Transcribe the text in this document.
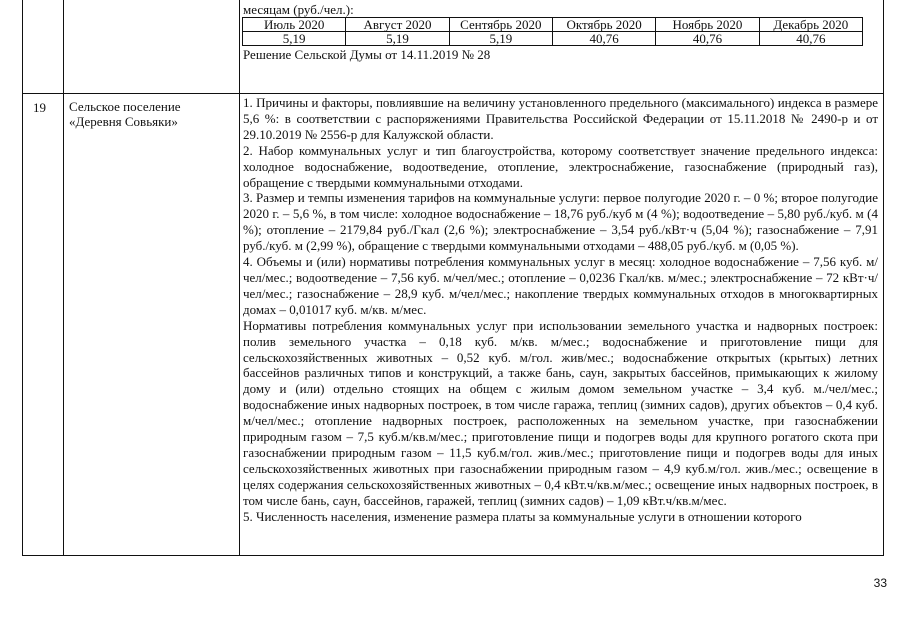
месяцам (руб./чел.):
Июль 2020	Август 2020	Сентябрь 2020	Октябрь 2020	Ноябрь 2020	Декабрь 2020
5,19	5,19	5,19	40,76	40,76	40,76
Решение Сельской Думы от 14.11.2019 № 28

19	Сельское поселение «Деревня Совьяки»	

1. Причины и факторы, повлиявшие на величину установленного предельного (максимального) индекса в размере 5,6 %: в соответствии с распоряжениями Правительства Российской Федерации от 15.11.2018 № 2490-р и от 29.10.2019 № 2556-р для Калужской области.

2. Набор коммунальных услуг и тип благоустройства, которому соответствует значение предельного индекса: холодное водоснабжение, водоотведение, отопление, электроснабжение, газоснабжение (природный газ), обращение с твердыми коммунальными отходами.

3. Размер и темпы изменения тарифов на коммунальные услуги: первое полугодие 2020 г. – 0 %; второе полугодие 2020 г. – 5,6 %, в том числе: холодное водоснабжение – 18,76 руб./куб м (4 %); водоотведение – 5,80 руб./куб. м (4 %); отопление – 2179,84 руб./Гкал (2,6 %); электроснабжение – 3,54 руб./кВт·ч (5,04 %); газоснабжение – 7,91 руб./куб. м (2,99 %), обращение с твердыми коммунальными отходами – 488,05 руб./куб. м (0,05 %).

4. Объемы и (или) нормативы потребления коммунальных услуг в месяц: холодное водоснабжение – 7,56 куб. м/чел/мес.; водоотведение – 7,56 куб. м/чел/мес.; отопление – 0,0236 Гкал/кв. м/мес.; электроснабжение – 72 кВт·ч/чел/мес.; газоснабжение – 28,9 куб. м/чел/мес.; накопление твердых коммунальных отходов в многоквартирных домах – 0,01017 куб. м/кв. м/мес.

Нормативы потребления коммунальных услуг при использовании земельного участка и надворных построек: полив земельного участка – 0,18 куб. м/кв. м/мес.; водоснабжение и приготовление пищи для сельскохозяйственных животных – 0,52 куб. м/гол. жив/мес.; водоснабжение открытых (крытых) летних бассейнов различных типов и конструкций, а также бань, саун, закрытых бассейнов, примыкающих к жилому дому и (или) отдельно стоящих на общем с жилым домом земельном участке – 3,4 куб. м./чел/мес.; водоснабжение иных надворных построек, в том числе гаража, теплиц (зимних садов), других объектов – 0,4 куб. м/чел/мес.; отопление надворных построек, расположенных на земельном участке, при газоснабжении природным газом – 7,5 куб.м/кв.м/мес.; приготовление пищи и подогрев воды для крупного рогатого скота при газоснабжении природным газом – 11,5 куб.м/гол. жив./мес.; приготовление пищи и подогрев воды для иных сельскохозяйственных животных при газоснабжении природным газом – 4,9 куб.м/гол. жив./мес.; освещение в целях содержания сельскохозяйственных животных – 0,4 кВт.ч/кв.м/мес.; освещение иных надворных построек, в том числе бань, саун, бассейнов, гаражей, теплиц (зимних садов) – 1,09 кВт.ч/кв.м/мес.

5. Численность населения, изменение размера платы за коммунальные услуги в отношении которого

33
